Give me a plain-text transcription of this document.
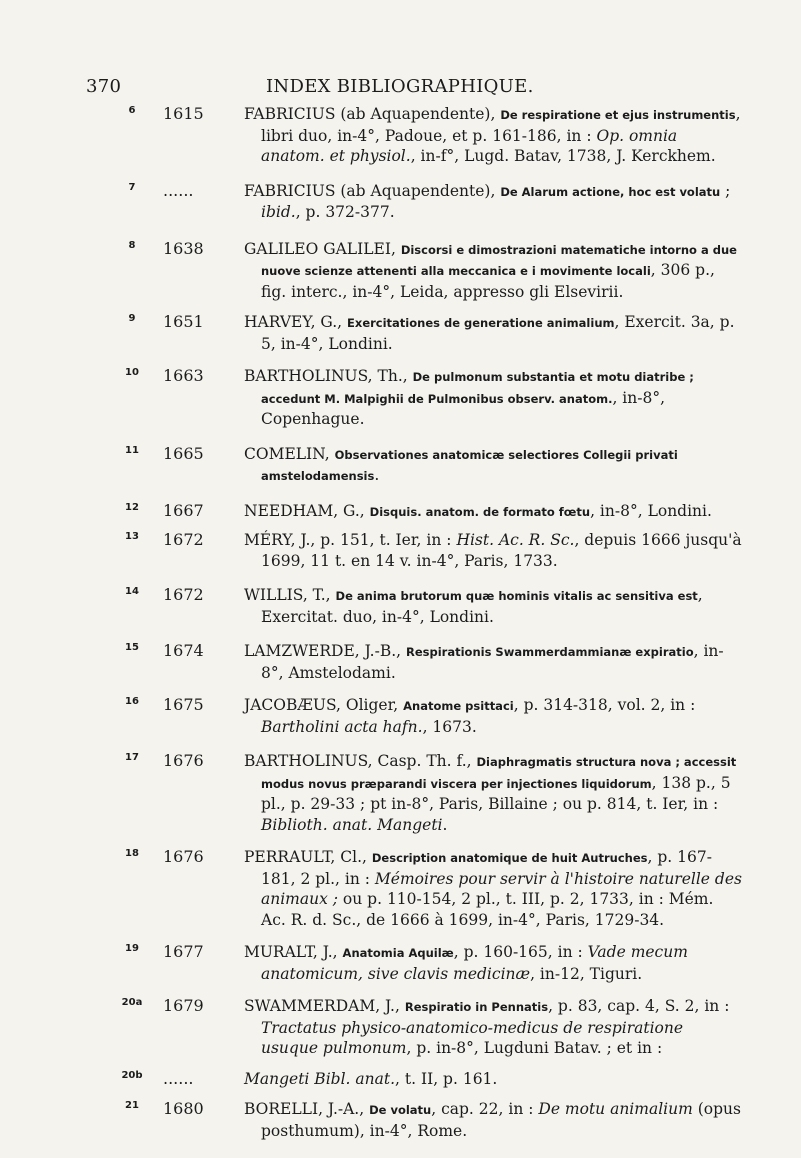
370	INDEX BIBLIOGRAPHIQUE.
6	1615	FABRICIUS (ab Aquapendente), De respiratione et ejus instrumentis, libri duo, in-4°, Padoue, et p. 161-186, in : Op. omnia anatom. et physiol., in-f°, Lugd. Batav, 1738, J. Kerckhem.
7	......	FABRICIUS (ab Aquapendente), De Alarum actione, hoc est volatu ; ibid., p. 372-377.
8	1638	GALILEO GALILEI, Discorsi e dimostrazioni matematiche intorno a due nuove scienze attenenti alla meccanica e i movimente locali, 306 p., fig. interc., in-4°, Leida, appresso gli Elsevirii.
9	1651	HARVEY, G., Exercitationes de generatione animalium, Exercit. 3a, p. 5, in-4°, Londini.
10	1663	BARTHOLINUS, Th., De pulmonum substantia et motu diatribe ; accedunt M. Malpighii de Pulmonibus observ. anatom., in-8°, Copenhague.
11	1665	COMELIN, Observationes anatomicæ selectiores Collegii privati amstelodamensis.
12	1667	NEEDHAM, G., Disquis. anatom. de formato fœtu, in-8°, Londini.
13	1672	MÉRY, J., p. 151, t. Ier, in : Hist. Ac. R. Sc., depuis 1666 jusqu'à 1699, 11 t. en 14 v. in-4°, Paris, 1733.
14	1672	WILLIS, T., De anima brutorum quæ hominis vitalis ac sensitiva est, Exercitat. duo, in-4°, Londini.
15	1674	LAMZWERDE, J.-B., Respirationis Swammerdammianæ expiratio, in-8°, Amstelodami.
16	1675	JACOBÆUS, Oliger, Anatome psittaci, p. 314-318, vol. 2, in : Bartholini acta hafn., 1673.
17	1676	BARTHOLINUS, Casp. Th. f., Diaphragmatis structura nova ; accessit modus novus præparandi viscera per injectiones liquidorum, 138 p., 5 pl., p. 29-33 ; pt in-8°, Paris, Billaine ; ou p. 814, t. Ier, in : Biblioth. anat. Mangeti.
18	1676	PERRAULT, Cl., Description anatomique de huit Autruches, p. 167-181, 2 pl., in : Mémoires pour servir à l'histoire naturelle des animaux ; ou p. 110-154, 2 pl., t. III, p. 2, 1733, in : Mém. Ac. R. d. Sc., de 1666 à 1699, in-4°, Paris, 1729-34.
19	1677	MURALT, J., Anatomia Aquilæ, p. 160-165, in : Vade mecum anatomicum, sive clavis medicinæ, in-12, Tiguri.
20a 1679	SWAMMERDAM, J., Respiratio in Pennatis, p. 83, cap. 4, S. 2, in : Tractatus physico-anatomico-medicus de respiratione usuque pulmonum, p. in-8°, Lugduni Batav. ; et in :
20b ......	Mangeti Bibl. anat., t. II, p. 161.
21	1680	BORELLI, J.-A., De volatu, cap. 22, in : De motu animalium (opus posthumum), in-4°, Rome.
